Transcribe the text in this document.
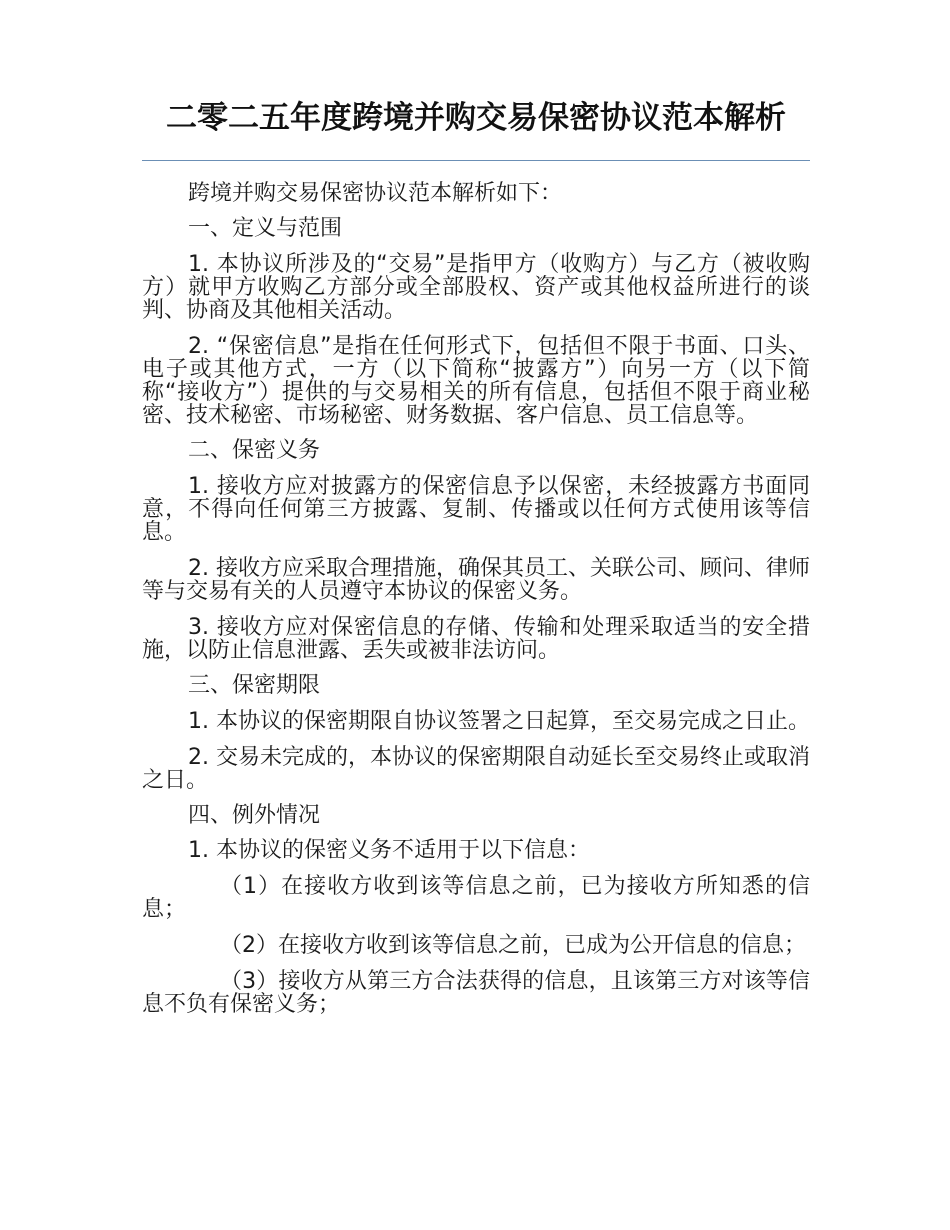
二零二五年度跨境并购交易保密协议范本解析

跨境并购交易保密协议范本解析如下：

一、定义与范围

1. 本协议所涉及的“交易”是指甲方（收购方）与乙方（被收购方）就甲方收购乙方部分或全部股权、资产或其他权益所进行的谈判、协商及其他相关活动。

2. “保密信息”是指在任何形式下，包括但不限于书面、口头、电子或其他方式，一方（以下简称“披露方”）向另一方（以下简称“接收方”）提供的与交易相关的所有信息，包括但不限于商业秘密、技术秘密、市场秘密、财务数据、客户信息、员工信息等。

二、保密义务

1. 接收方应对披露方的保密信息予以保密，未经披露方书面同意，不得向任何第三方披露、复制、传播或以任何方式使用该等信息。

2. 接收方应采取合理措施，确保其员工、关联公司、顾问、律师等与交易有关的人员遵守本协议的保密义务。

3. 接收方应对保密信息的存储、传输和处理采取适当的安全措施，以防止信息泄露、丢失或被非法访问。

三、保密期限

1. 本协议的保密期限自协议签署之日起算，至交易完成之日止。

2. 交易未完成的，本协议的保密期限自动延长至交易终止或取消之日。

四、例外情况

1. 本协议的保密义务不适用于以下信息：

（1）在接收方收到该等信息之前，已为接收方所知悉的信息；

（2）在接收方收到该等信息之前，已成为公开信息的信息；

（3）接收方从第三方合法获得的信息，且该第三方对该等信息不负有保密义务；
